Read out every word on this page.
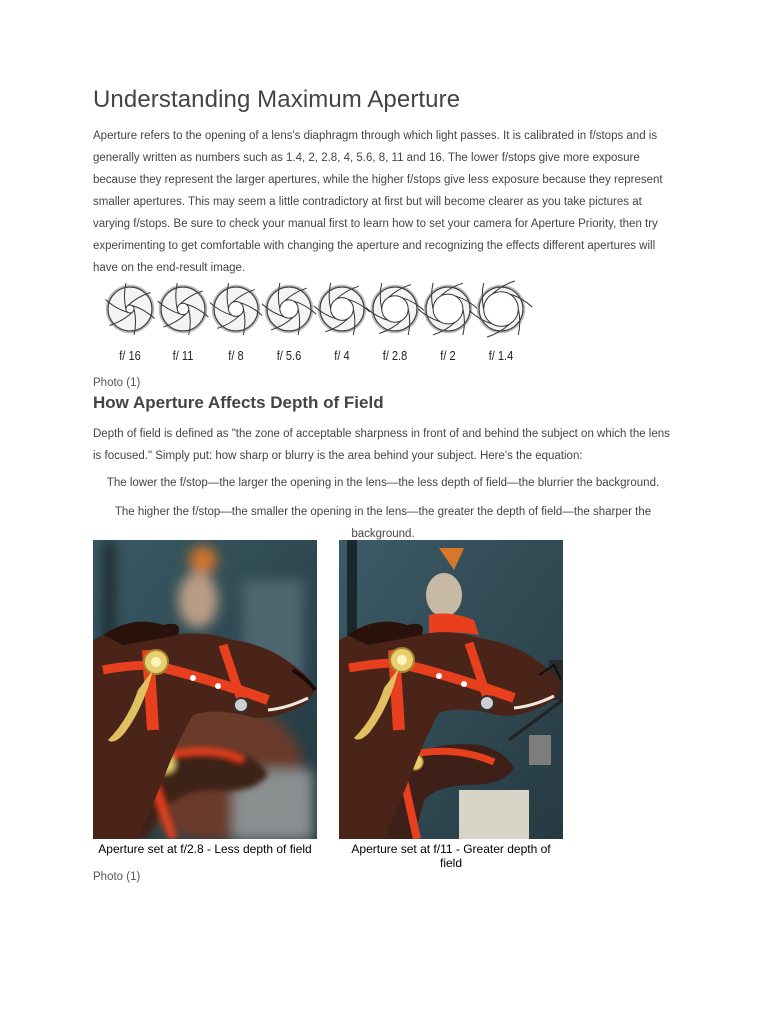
Understanding Maximum Aperture

Aperture refers to the opening of a lens's diaphragm through which light passes. It is calibrated in f/stops and is generally written as numbers such as 1.4, 2, 2.8, 4, 5.6, 8, 11 and 16. The lower f/stops give more exposure because they represent the larger apertures, while the higher f/stops give less exposure because they represent smaller apertures. This may seem a little contradictory at first but will become clearer as you take pictures at varying f/stops. Be sure to check your manual first to learn how to set your camera for Aperture Priority, then try experimenting to get comfortable with changing the aperture and recognizing the effects different apertures will have on the end-result image.

f/ 16	f/ 11	f/ 8	f/ 5.6	f/ 4	f/ 2.8	f/ 2	f/ 1.4
Photo (1)
How Aperture Affects Depth of Field

Depth of field is defined as "the zone of acceptable sharpness in front of and behind the subject on which the lens is focused." Simply put: how sharp or blurry is the area behind your subject. Here's the equation:

The lower the f/stop—the larger the opening in the lens—the less depth of field—the blurrier the background.

The higher the f/stop—the smaller the opening in the lens—the greater the depth of field—the sharper the background.

Aperture set at f/2.8 - Less depth of field	Aperture set at f/11 - Greater depth of field
Photo (1)
